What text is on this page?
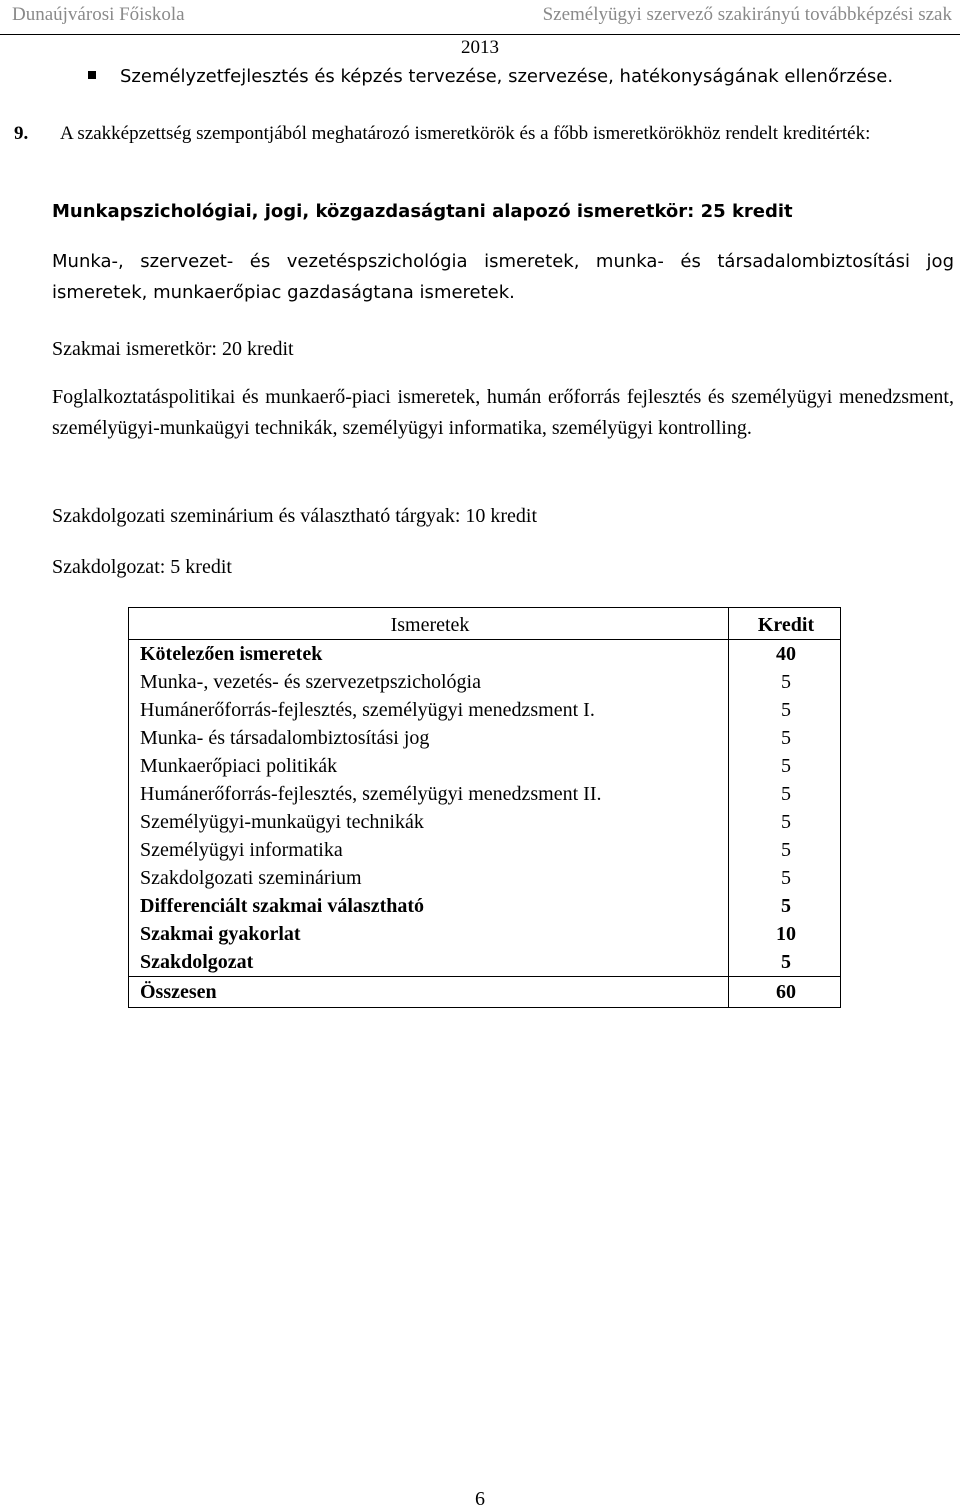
Dunaújvárosi Főiskola	Személyügyi szervező szakirányú továbbképzési szak
2013
Személyzetfejlesztés és képzés tervezése, szervezése, hatékonyságának ellenőrzése.
9. A szakképzettség szempontjából meghatározó ismeretkörök és a főbb ismeretkörökhöz rendelt kreditérték:
Munkapszichológiai, jogi, közgazdaságtani alapozó ismeretkör: 25 kredit
Munka-, szervezet- és vezetéspszichológia ismeretek, munka- és társadalombiztosítási jog ismeretek, munkaerőpiac gazdaságtana ismeretek.
Szakmai ismeretkör: 20 kredit
Foglalkoztatáspolitikai és munkaerő-piaci ismeretek, humán erőforrás fejlesztés és személyügyi menedzsment, személyügyi-munkaügyi technikák, személyügyi informatika, személyügyi kontrolling.
Szakdolgozati szeminárium és választható tárgyak: 10 kredit
Szakdolgozat: 5 kredit
Ismeretek	Kredit
Kötelezően ismeretek	40
Munka-, vezetés- és szervezetpszichológia	5
Humánerőforrás-fejlesztés, személyügyi menedzsment I.	5
Munka- és társadalombiztosítási jog	5
Munkaerőpiaci politikák	5
Humánerőforrás-fejlesztés, személyügyi menedzsment II.	5
Személyügyi-munkaügyi technikák	5
Személyügyi informatika	5
Szakdolgozati szeminárium	5
Differenciált szakmai választható	5
Szakmai gyakorlat	10
Szakdolgozat	5
Összesen	60
6
